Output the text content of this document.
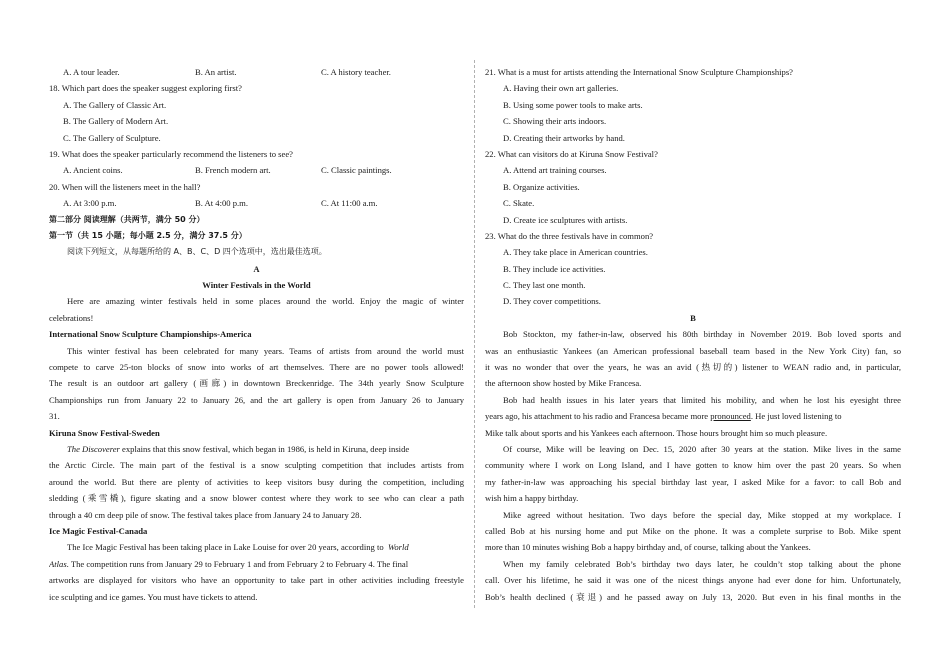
A. A tour leader.	B. An artist.	C. A history teacher.
18. Which part does the speaker suggest exploring first?
A. The Gallery of Classic Art.
B. The Gallery of Modern Art.
C. The Gallery of Sculpture.
19. What does the speaker particularly recommend the listeners to see?
A. Ancient coins.	B. French modern art.	C. Classic paintings.
20. When will the listeners meet in the hall?
A. At 3:00 p.m.	B. At 4:00 p.m.	C. At 11:00 a.m.
第二部分 阅读理解（共两节，满分 50 分）
第一节（共 15 小题；每小题 2.5 分，满分 37.5 分）
阅读下列短文，从每题所给的 A、B、C、D 四个选项中，选出最佳选项。
A
Winter Festivals in the World
Here are amazing winter festivals held in some places around the world. Enjoy the magic of winter
celebrations!
International Snow Sculpture Championships-America
This winter festival has been celebrated for many years. Teams of artists from around the world must
compete to carve 25-ton blocks of snow into works of art themselves. There are no power tools allowed!
The result is an outdoor art gallery (画廊) in downtown Breckenridge. The 34th yearly Snow Sculpture
Championships run from January 22 to January 26, and the art gallery is open from January 26 to January
31.
Kiruna Snow Festival-Sweden
The Discoverer explains that this snow festival, which began in 1986, is held in Kiruna, deep inside
the Arctic Circle. The main part of the festival is a snow sculpting competition that includes artists from
around the world. But there are plenty of activities to keep visitors busy during the competition, including
sledding (乘雪橇), figure skating and a snow blower contest where they work to see who can clear a path
through a 40 cm deep pile of snow. The festival takes place from January 24 to January 28.
Ice Magic Festival-Canada
The Ice Magic Festival has been taking place in Lake Louise for over 20 years, according to World
Atlas. The competition runs from January 29 to February 1 and from February 2 to February 4. The final
artworks are displayed for visitors who have an opportunity to take part in other activities including freestyle
ice sculpting and ice games. You must have tickets to attend.
21. What is a must for artists attending the International Snow Sculpture Championships?
A. Having their own art galleries.
B. Using some power tools to make arts.
C. Showing their arts indoors.
D. Creating their artworks by hand.
22. What can visitors do at Kiruna Snow Festival?
A. Attend art training courses.
B. Organize activities.
C. Skate.
D. Create ice sculptures with artists.
23. What do the three festivals have in common?
A. They take place in American countries.
B. They include ice activities.
C. They last one month.
D. They cover competitions.
B
Bob Stockton, my father-in-law, observed his 80th birthday in November 2019. Bob loved sports and
was an enthusiastic Yankees (an American professional baseball team based in the New York City) fan, so
it was no wonder that over the years, he was an avid (热切的) listener to WEAN radio and, in particular,
the afternoon show hosted by Mike Francesa.
Bob had health issues in his later years that limited his mobility, and when he lost his eyesight three
years ago, his attachment to his radio and Francesa became more pronounced. He just loved listening to
Mike talk about sports and his Yankees each afternoon. Those hours brought him so much pleasure.
Of course, Mike will be leaving on Dec. 15, 2020 after 30 years at the station. Mike lives in the same
community where I work on Long Island, and I have gotten to know him over the past 20 years. So when
my father-in-law was approaching his special birthday last year, I asked Mike for a favor: to call Bob and
wish him a happy birthday.
Mike agreed without hesitation. Two days before the special day, Mike stopped at my workplace. I
called Bob at his nursing home and put Mike on the phone. It was a complete surprise to Bob. Mike spent
more than 10 minutes wishing Bob a happy birthday and, of course, talking about the Yankees.
When my family celebrated Bob’s birthday two days later, he couldn’t stop talking about the phone
call. Over his lifetime, he said it was one of the nicest things anyone had ever done for him. Unfortunately,
Bob’s health declined (衰退) and he passed away on July 13, 2020. But even in his final months in the
